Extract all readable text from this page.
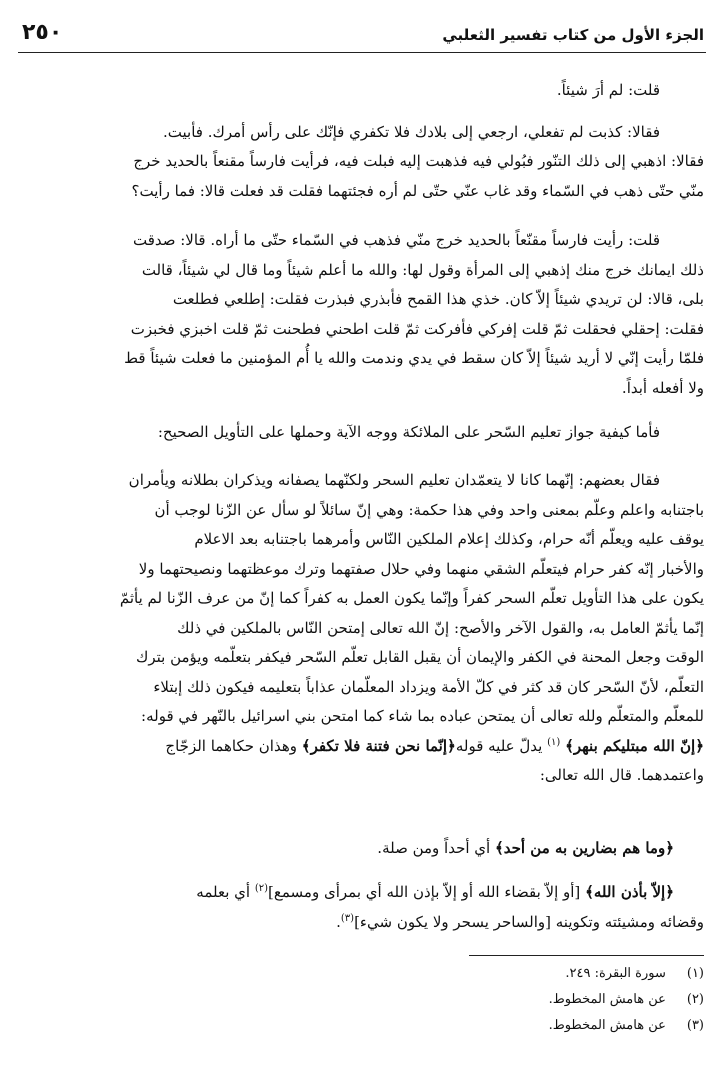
الجزء الأول من كتاب تفسير الثعلبي
٢٥٠
قلت: لم أرَ شيئاً.
فقالا: كذبت لم تفعلي، ارجعي إلى بلادك فلا تكفري فإنّك على رأس أمرك. فأبيت.
فقالا: اذهبي إلى ذلك التنّور فبُولي فيه فذهبت إليه فبلت فيه، فرأيت فارساً مقنعاً بالحديد خرج
منّي حتّى ذهب في السّماء وقد غاب عنّي حتّى لم أره فجئتهما فقلت قد فعلت قالا: فما رأيت؟
قلت: رأيت فارساً مقنّعاً بالحديد خرج منّي فذهب في السّماء حتّى ما أراه. قالا: صدقت
ذلك ايمانك خرج منك إذهبي إلى المرأة وقول لها: والله ما أعلم شيئاً وما قال لي شيئاً، قالت
بلى، قالا: لن تريدي شيئاً إلاّ كان. خذي هذا القمح فأبذري فبذرت فقلت: إطلعي فطلعت
فقلت: إحقلي فحقلت ثمّ قلت إفركي فأفركت ثمّ قلت اطحني فطحنت ثمّ قلت اخبزي فخبزت
فلمّا رأيت إنّي لا أريد شيئاً إلاّ كان سقط في يدي وندمت والله يا أُم المؤمنين ما فعلت شيئاً قط
ولا أفعله أبداً.
فأما كيفية جواز تعليم السّحر على الملائكة ووجه الآية وحملها على التأويل الصحيح:
فقال بعضهم: إنّهما كانا لا يتعمّدان تعليم السحر ولكنّهما يصفانه ويذكران بطلانه ويأمران
باجتنابه واعلم وعلّم بمعنى واحد وفي هذا حكمة: وهي إنّ سائلاً لو سأل عن الزّنا لوجب أن
يوقف عليه ويعلّم أنّه حرام، وكذلك إعلام الملكين النّاس وأمرهما باجتنابه بعد الاعلام
والأخبار إنّه كفر حرام فيتعلّم الشقي منهما وفي حلال صفتهما وترك موعظتهما ونصيحتهما ولا
يكون على هذا التأويل تعلّم السحر كفراً وإنّما يكون العمل به كفراً كما إنّ من عرف الزّنا لم يأثمّ
إنّما يأثمّ العامل به، والقول الآخر والأصح: إنّ الله تعالى إمتحن النّاس بالملكين في ذلك
الوقت وجعل المحنة في الكفر والإيمان أن يقبل القابل تعلّم السّحر فيكفر بتعلّمه ويؤمن بترك
التعلّم، لأنّ السّحر كان قد كثر في كلّ الأمة ويزداد المعلّمان عذاباً بتعليمه فيكون ذلك إبتلاء
للمعلّم والمتعلّم ولله تعالى أن يمتحن عباده بما شاء كما امتحن بني اسرائيل بالنّهر في قوله:
﴿إنّ الله مبتليكم بنهر﴾ $^{(١)}$ يدلّ عليه قوله﴿إنّما نحن فتنة فلا تكفر﴾ وهذان حكاهما الزجّاج
واعتمدهما. قال الله تعالى:
﴿وما هم بضارين به من أحد﴾ أي أحداً ومن صلة.
﴿إلاّ بأذن الله﴾ [أو إلاّ بقضاء الله أو إلاّ بإذن الله أي بمرأى ومسمع]$^{(٢)}$ أي بعلمه
وقضائه ومشيئته وتكوينه [والساحر يسحر ولا يكون شيء]$^{(٣)}$.
(١) سورة البقرة: ٢٤٩.
(٢) عن هامش المخطوط.
(٣) عن هامش المخطوط.
